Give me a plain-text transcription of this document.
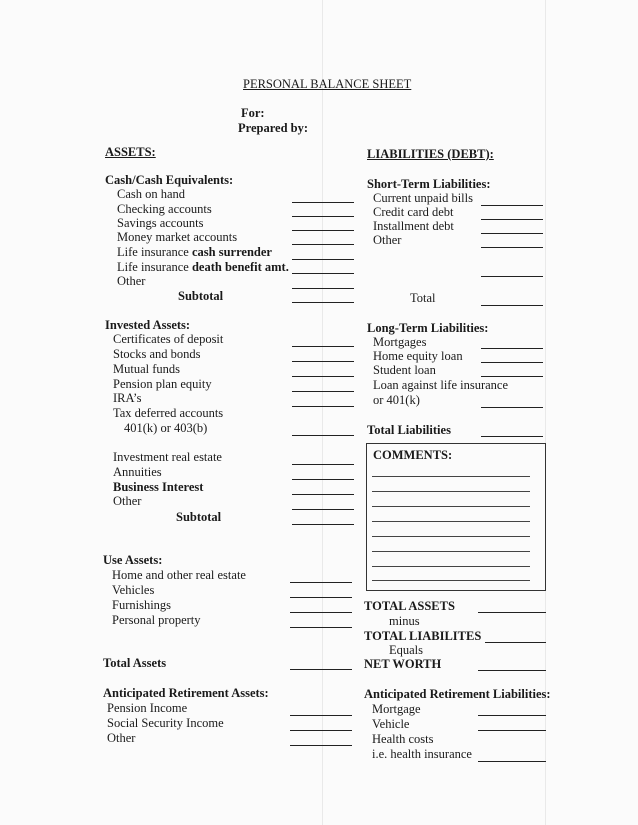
PERSONAL BALANCE SHEET
For:
Prepared by:
ASSETS:
Cash/Cash Equivalents:
Cash on hand
Checking accounts
Savings accounts
Money market accounts
Life insurance cash surrender
Life insurance death benefit amt.
Other
Subtotal
Invested Assets:
Certificates of deposit
Stocks and bonds
Mutual funds
Pension plan equity
IRA’s
Tax deferred accounts
401(k) or 403(b)
Investment real estate
Annuities
Business Interest
Other
Subtotal
Use Assets:
Home and other real estate
Vehicles
Furnishings
Personal property
Total Assets
Anticipated Retirement Assets:
Pension Income
Social Security Income
Other
LIABILITIES (DEBT):
Short-Term Liabilities:
Current unpaid bills
Credit card debt
Installment debt
Other
Total
Long-Term Liabilities:
Mortgages
Home equity loan
Student loan
Loan against life insurance
or 401(k)
Total Liabilities
COMMENTS:
TOTAL ASSETS
minus
TOTAL LIABILITES
Equals
NET WORTH
Anticipated Retirement Liabilities:
Mortgage
Vehicle
Health costs
i.e. health insurance
